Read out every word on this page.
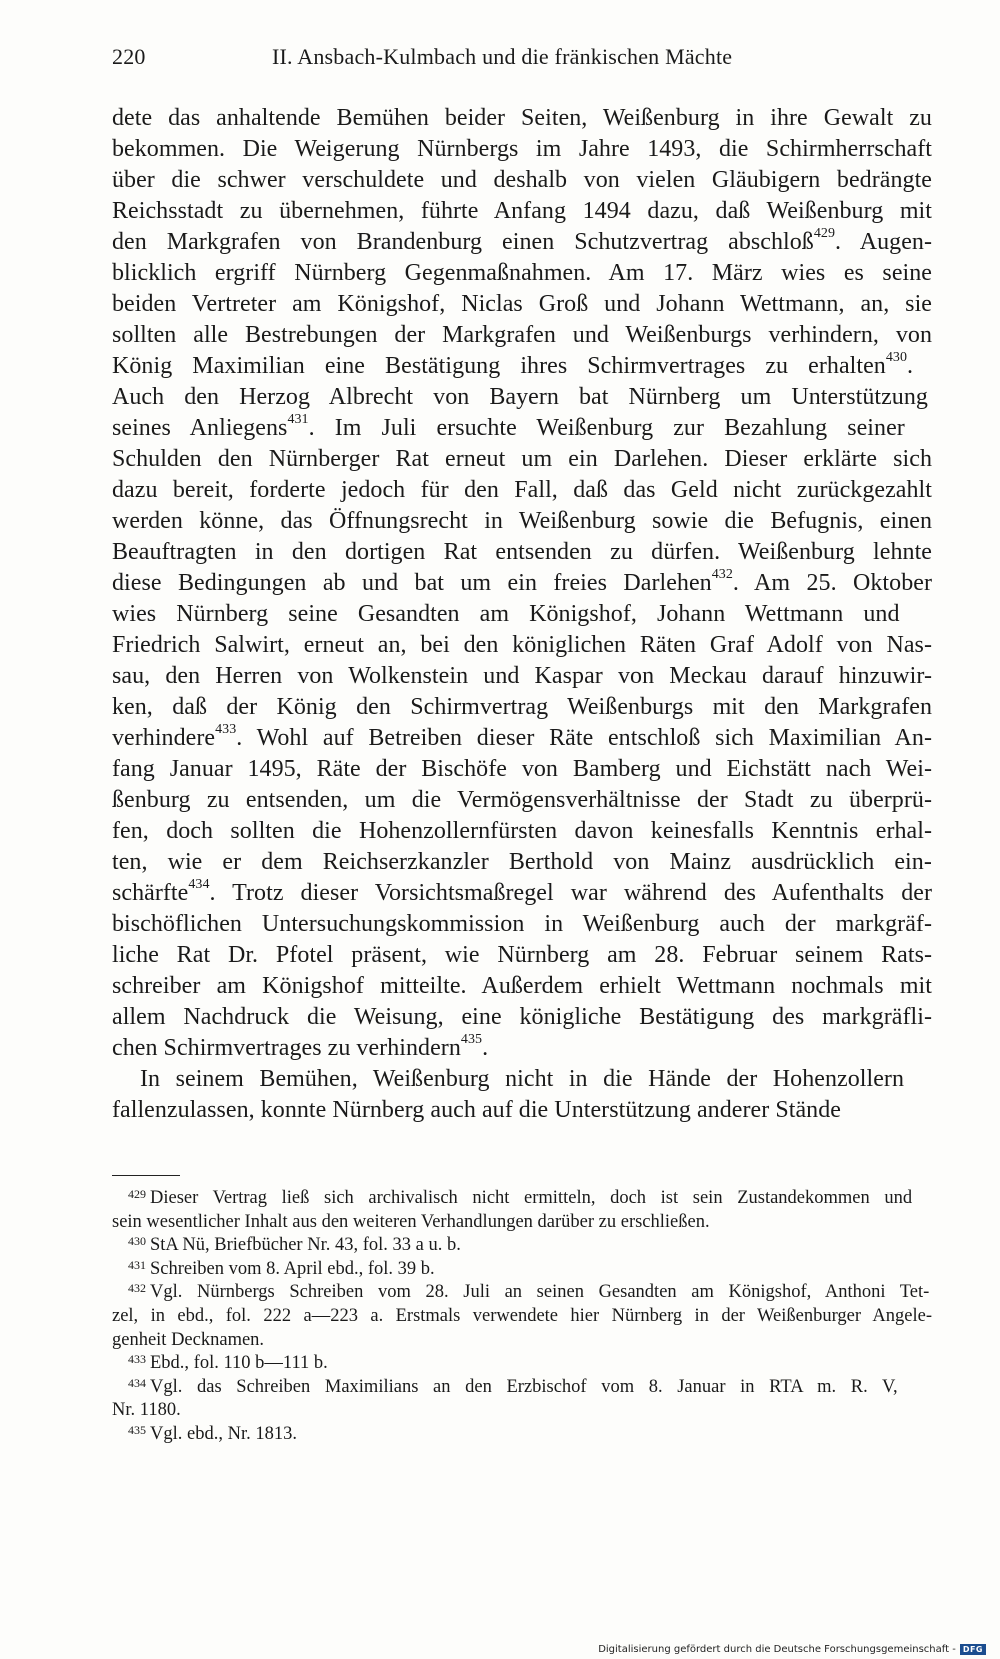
220	II. Ansbach-Kulmbach und die fränkischen Mächte
dete das anhaltende Bemühen beider Seiten, Weißenburg in ihre Gewalt zu
bekommen. Die Weigerung Nürnbergs im Jahre 1493, die Schirmherrschaft
über die schwer verschuldete und deshalb von vielen Gläubigern bedrängte
Reichsstadt zu übernehmen, führte Anfang 1494 dazu, daß Weißenburg mit
den Markgrafen von Brandenburg einen Schutzvertrag abschloß$^{429}$. Augen-
blicklich ergriff Nürnberg Gegenmaßnahmen. Am 17. März wies es seine
beiden Vertreter am Königshof, Niclas Groß und Johann Wettmann, an, sie
sollten alle Bestrebungen der Markgrafen und Weißenburgs verhindern, von
König Maximilian eine Bestätigung ihres Schirmvertrages zu erhalten$^{430}$.
Auch den Herzog Albrecht von Bayern bat Nürnberg um Unterstützung
seines Anliegens$^{431}$. Im Juli ersuchte Weißenburg zur Bezahlung seiner
Schulden den Nürnberger Rat erneut um ein Darlehen. Dieser erklärte sich
dazu bereit, forderte jedoch für den Fall, daß das Geld nicht zurückgezahlt
werden könne, das Öffnungsrecht in Weißenburg sowie die Befugnis, einen
Beauftragten in den dortigen Rat entsenden zu dürfen. Weißenburg lehnte
diese Bedingungen ab und bat um ein freies Darlehen$^{432}$. Am 25. Oktober
wies Nürnberg seine Gesandten am Königshof, Johann Wettmann und
Friedrich Salwirt, erneut an, bei den königlichen Räten Graf Adolf von Nas-
sau, den Herren von Wolkenstein und Kaspar von Meckau darauf hinzuwir-
ken, daß der König den Schirmvertrag Weißenburgs mit den Markgrafen
verhindere$^{433}$. Wohl auf Betreiben dieser Räte entschloß sich Maximilian An-
fang Januar 1495, Räte der Bischöfe von Bamberg und Eichstätt nach Wei-
ßenburg zu entsenden, um die Vermögensverhältnisse der Stadt zu überprü-
fen, doch sollten die Hohenzollernfürsten davon keinesfalls Kenntnis erhal-
ten, wie er dem Reichserzkanzler Berthold von Mainz ausdrücklich ein-
schärfte$^{434}$. Trotz dieser Vorsichtsmaßregel war während des Aufenthalts der
bischöflichen Untersuchungskommission in Weißenburg auch der markgräf-
liche Rat Dr. Pfotel präsent, wie Nürnberg am 28. Februar seinem Rats-
schreiber am Königshof mitteilte. Außerdem erhielt Wettmann nochmals mit
allem Nachdruck die Weisung, eine königliche Bestätigung des markgräfli-
chen Schirmvertrages zu verhindern$^{435}$.
In seinem Bemühen, Weißenburg nicht in die Hände der Hohenzollern
fallenzulassen, konnte Nürnberg auch auf die Unterstützung anderer Stände
$^{429}$ Dieser Vertrag ließ sich archivalisch nicht ermitteln, doch ist sein Zustandekommen und
sein wesentlicher Inhalt aus den weiteren Verhandlungen darüber zu erschließen.
$^{430}$ StA Nü, Briefbücher Nr. 43, fol. 33 a u. b.
$^{431}$ Schreiben vom 8. April ebd., fol. 39 b.
$^{432}$ Vgl. Nürnbergs Schreiben vom 28. Juli an seinen Gesandten am Königshof, Anthoni Tet-
zel, in ebd., fol. 222 a—223 a. Erstmals verwendete hier Nürnberg in der Weißenburger Angele-
genheit Decknamen.
$^{433}$ Ebd., fol. 110 b—111 b.
$^{434}$ Vgl. das Schreiben Maximilians an den Erzbischof vom 8. Januar in RTA m. R. V,
Nr. 1180.
$^{435}$ Vgl. ebd., Nr. 1813.
Digitalisierung gefördert durch die Deutsche Forschungsgemeinschaft - DFG
